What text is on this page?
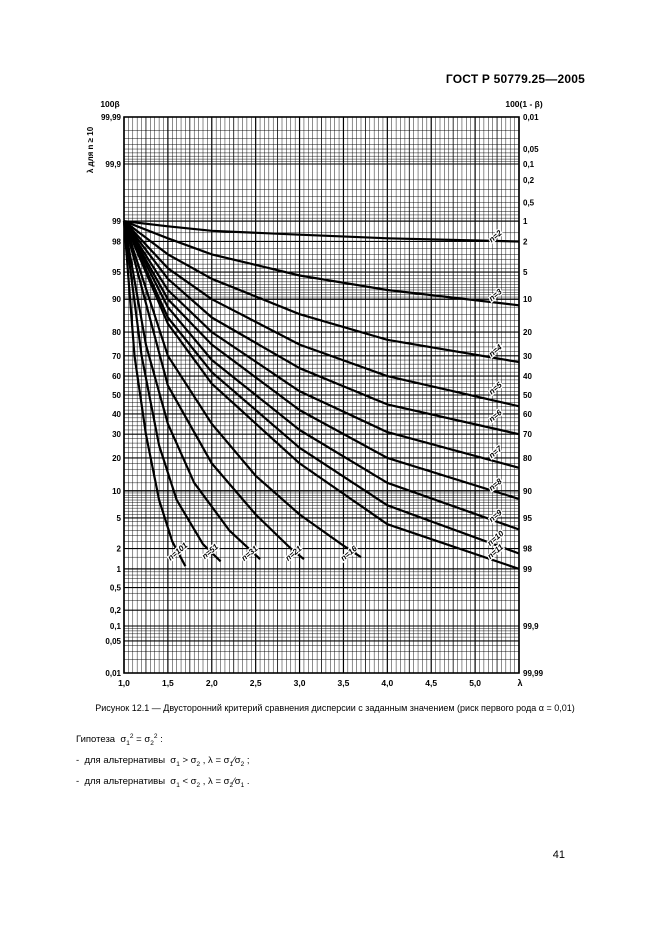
ГОСТ Р 50779.25—2005
n=2
n=3
n=4
n=5
n=6
n=7
n=8
n=9
n=10
n=11
n=16
n=21
n=31
n=51
n=101
1,0	1,5	2,0	2,5	3,0	3,5	4,0	4,5	5,0	λ
99,99
99,9
99
98
95
90
80
70
60
50
40
30
20
10
5
2
1
0,5
0,2
0,1
0,05
0,01
0,01
0,05
0,1
0,2
0,5
1
2
5
10
20
30
40
50
60
70
80
90
95
98
99
99,9
99,99
100β	100(1 - β)
λ для n ≥ 10
Рисунок 12.1 — Двусторонний критерий сравнения дисперсии с заданным значением (риск первого рода α = 0,01)
Гипотеза  $\sigma_1^2 = \sigma_2^2$ :
- для альтернативы  $\sigma_1 > \sigma_2$ , $\lambda = \sigma_1⁄\sigma_2$ ;
- для альтернативы  $\sigma_1 < \sigma_2$ , $\lambda = \sigma_2⁄\sigma_1$ .
41
